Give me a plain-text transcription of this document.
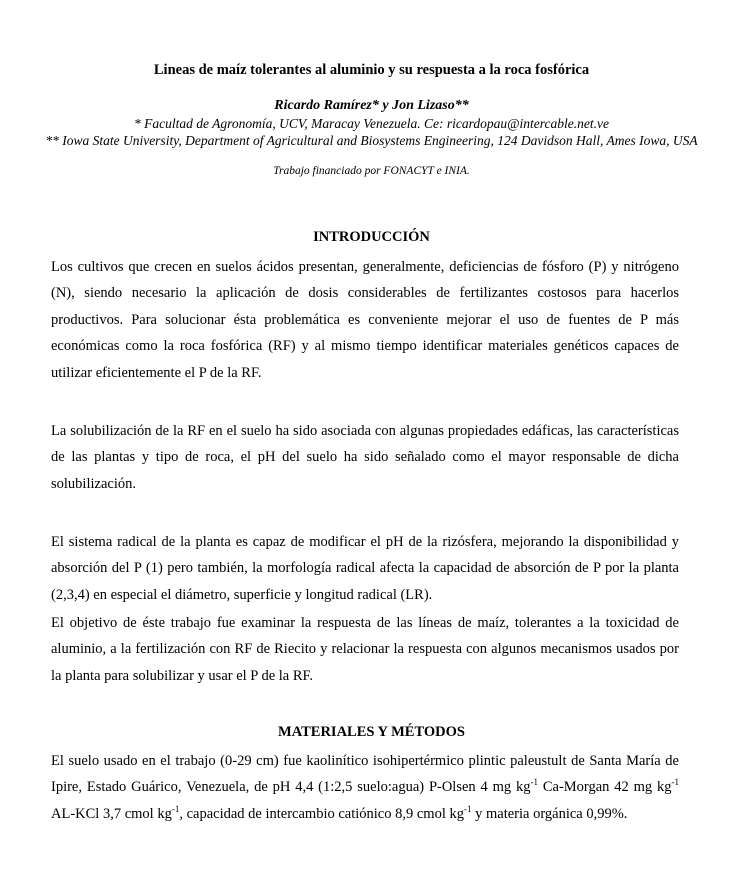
Lineas de maíz tolerantes al aluminio y su respuesta a la roca fosfórica
Ricardo Ramírez* y Jon Lizaso**
* Facultad de Agronomía, UCV, Maracay Venezuela. Ce: ricardopau@intercable.net.ve
** Iowa State University, Department of Agricultural and Biosystems Engineering, 124 Davidson Hall, Ames Iowa, USA
Trabajo financiado por FONACYT e INIA.
INTRODUCCIÓN

Los cultivos que crecen en suelos ácidos presentan, generalmente, deficiencias de fósforo (P) y nitrógeno (N), siendo necesario la aplicación de dosis considerables de fertilizantes costosos para hacerlos productivos. Para solucionar ésta problemática es conveniente mejorar el uso de fuentes de P más económicas como la roca fosfórica (RF) y al mismo tiempo identificar materiales genéticos capaces de utilizar eficientemente el P de la RF.

La solubilización de la RF en el suelo ha sido asociada con algunas propiedades edáficas, las características de las plantas y tipo de roca, el pH del suelo ha sido señalado como el mayor responsable de dicha solubilización.

El sistema radical de la planta es capaz de modificar el pH de la rizósfera, mejorando la disponibilidad y absorción del P (1) pero también, la morfología radical afecta la capacidad de absorción de P por la planta (2,3,4) en especial el diámetro, superficie y longitud radical (LR).

El objetivo de éste trabajo fue examinar la respuesta de las líneas de maíz, tolerantes a la toxicidad de aluminio, a la fertilización con RF de Riecito y relacionar la respuesta con algunos mecanismos usados por la planta para solubilizar y usar el P de la RF.

MATERIALES Y MÉTODOS

El suelo usado en el trabajo (0-29 cm) fue kaolinítico isohipertérmico plintic paleustult de Santa María de Ipire, Estado Guárico, Venezuela, de pH 4,4 (1:2,5 suelo:agua) P-Olsen 4 mg $kg^{-1}$ Ca-Morgan 42 mg $kg^{-1}$ AL-KCl 3,7 cmol $kg^{-1}$, capacidad de intercambio catiónico 8,9 cmol $kg^{-1}$ y materia orgánica 0,99%.
